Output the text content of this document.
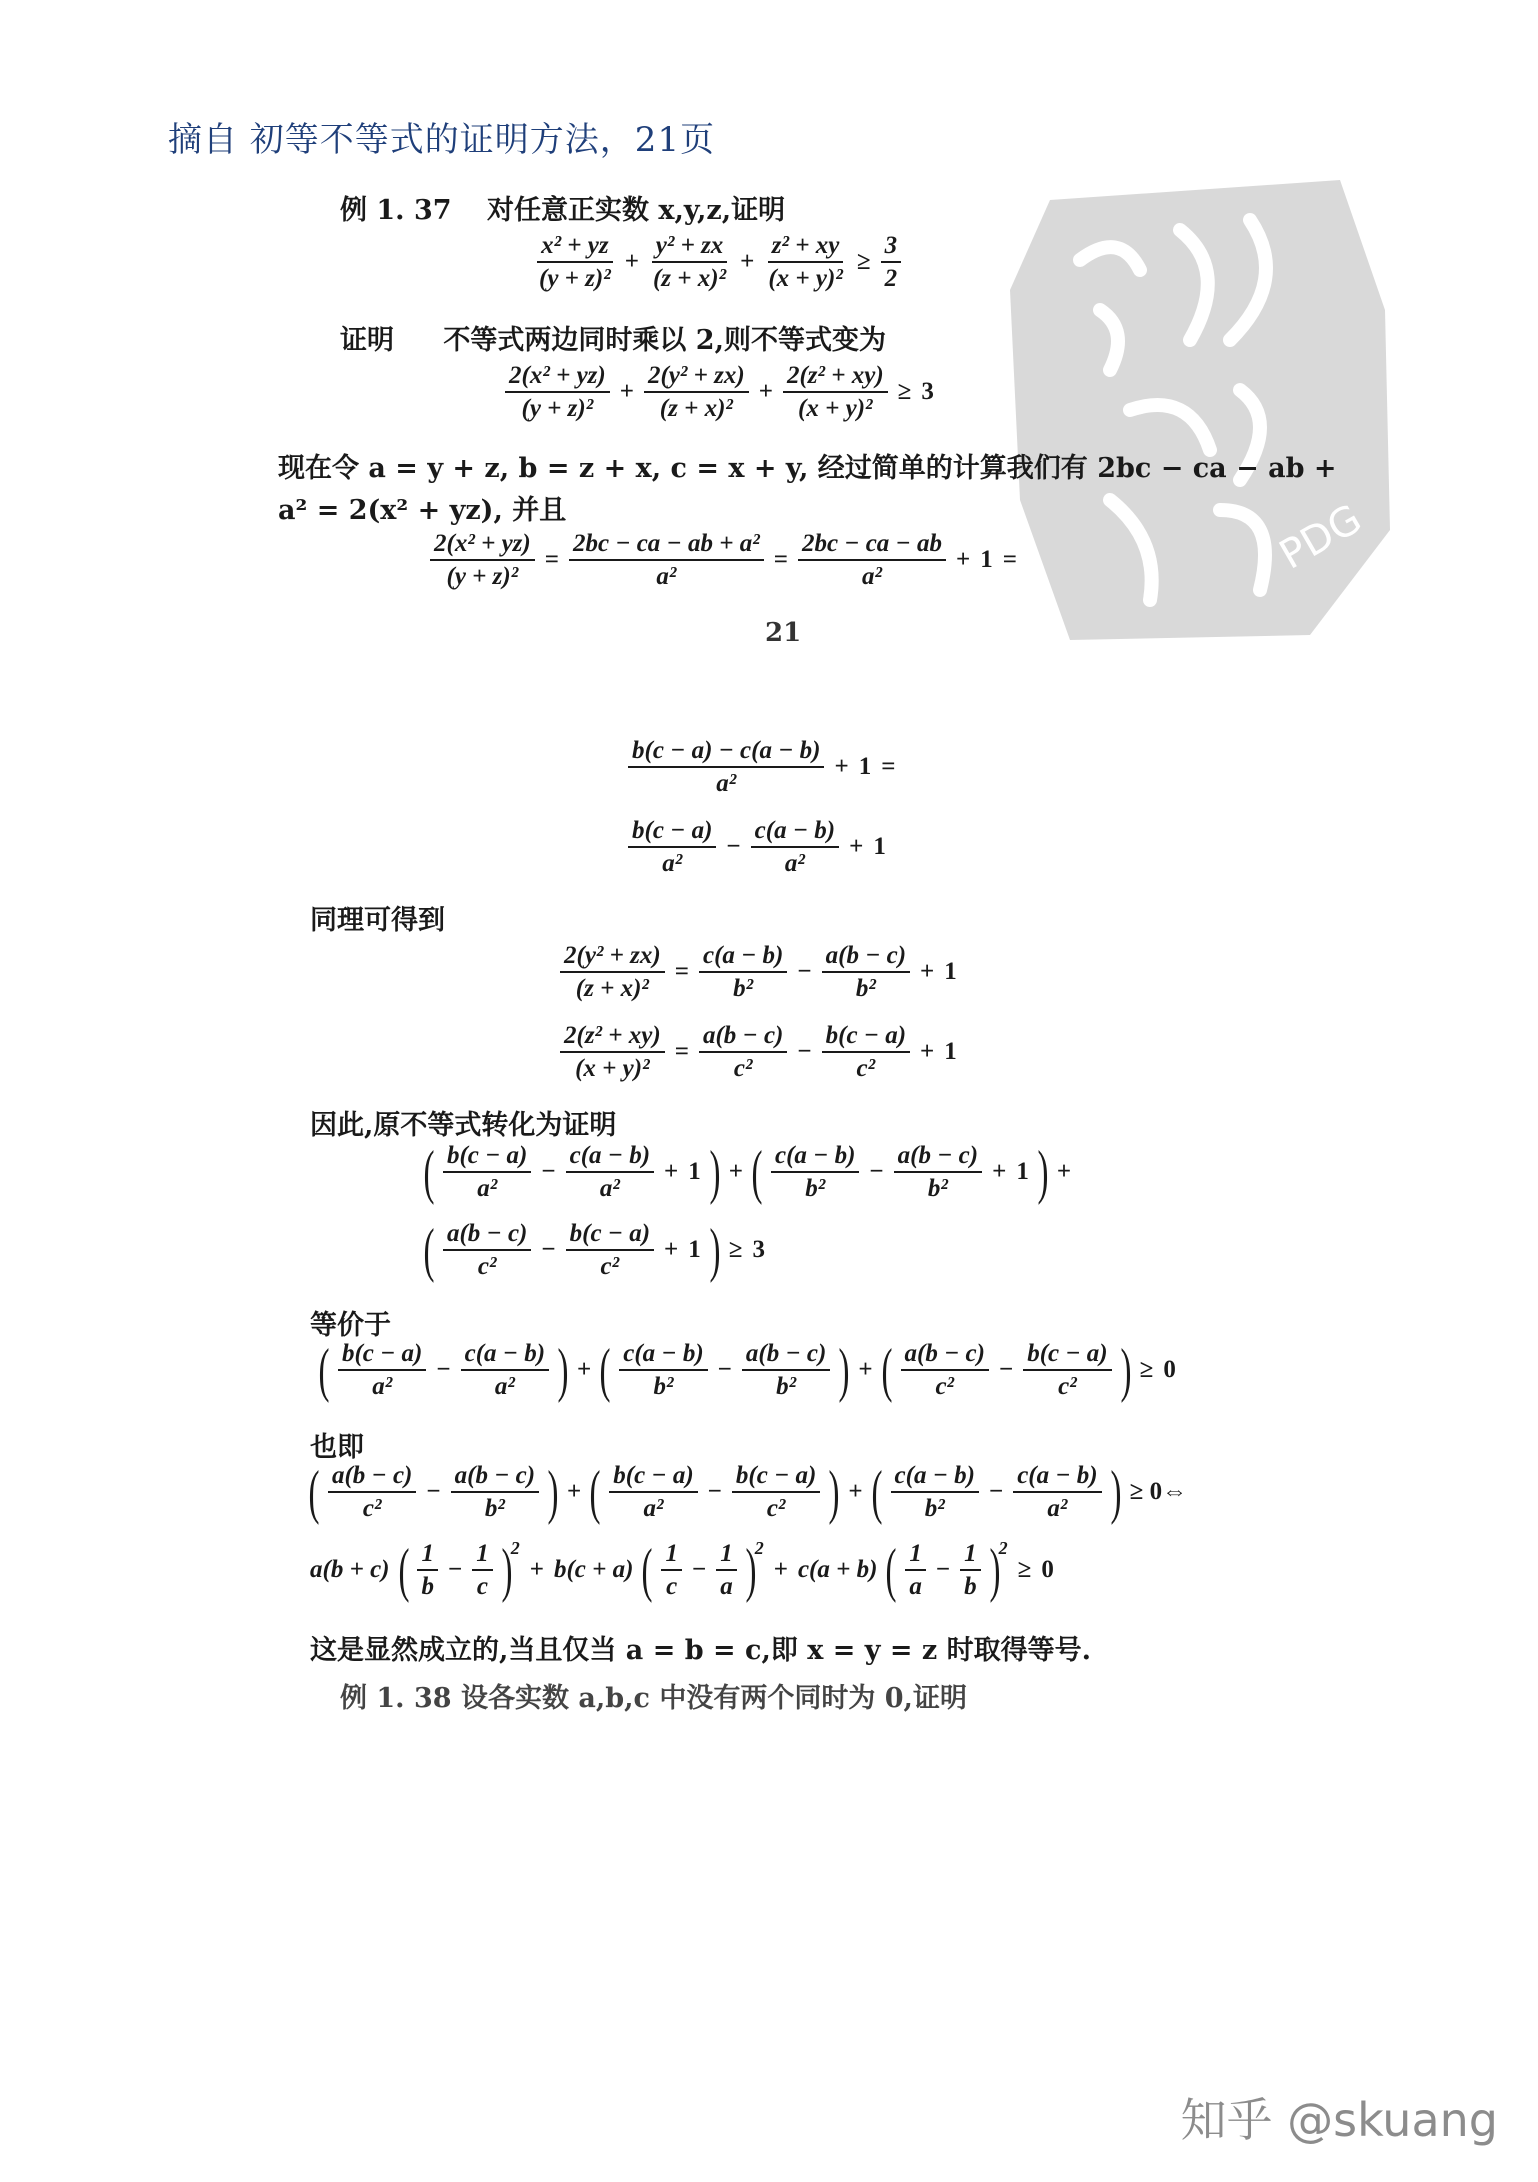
摘自 初等不等式的证明方法，21页
PDG
例 1. 37 对任意正实数 x,y,z,证明
x² + yz
(y + z)²
+ $\frac{\text{y² + zx}}{\text{(z + x)²}} + \frac{\text{z² + xy}}{\text{(x + y)²}} \ge \frac{3}{2}$
证明 不等式两边同时乘以 2,则不等式变为
2(x² + yz)
(y + z)²
+ $\frac{\text{2(y² + zx)}}{\text{(z + x)²}} + \frac{\text{2(z² + xy)}}{\text{(x + y)²}} \ge 3$
现在令 a = y + z, b = z + x, c = x + y, 经过简单的计算我们有 2bc − ca − ab +
a² = 2(x² + yz), 并且
$\frac{\text{2(x² + yz)}}{\text{(y + z)²}} = \frac{\text{2bc − ca − ab + a²}}{\text{a²}} = \frac{2bc - ca - ab}{\text{a²}} + 1$ =
21
b(c − a) − c(a − b)
a²
+ 1 =
b(c − a)
a²
− $\frac{c(a - b)}{\text{a²}} + 1$
同理可得到
$\frac{\text{2(y² + zx)}}{\text{(z + x)²}} = \frac{c(a - b)}{\text{b²}} - \frac{a(b - c)}{\text{b²}} + 1$
$\frac{\text{2(z² + xy)}}{\text{(x + y)²}} = \frac{a(b - c)}{\text{c²}} - \frac{b(c - a)}{\text{c²}} + 1$
因此,原不等式转化为证明
( b(c − a)
a²
− $\frac{c(a - b)}{\text{a²}} + 1$ ) + ( c(a − b)
b²
− $\frac{a(b - c)}{\text{b²}} + 1$ ) +
( a(b − c)
c²
− $\frac{b(c - a)}{\text{c²}} + 1$ ) ≥ 3
等价于
( b(c − a)
a²
− $\frac{c(a - b)}{\text{a²}}$ ) + ( c(a − b)
b²
− $\frac{a(b - c)}{\text{b²}}$ ) + ( a(b − c)
c²
− $\frac{b(c - a)}{\text{c²}}$ ) ≥ 0
也即
( a(b − c)
c²
− $\frac{a(b - c)}{\text{b²}}$ ) + ( b(c − a)
a²
− $\frac{b(c - a)}{\text{c²}}$ ) + ( c(a − b)
b²
− $\frac{c(a - b)}{\text{a²}}$ ) ≥ 0⇔
a(b + c) ( 1
b
− $\frac{1}{c}$ )
2
+ b(c + a) ( 1
c
− $\frac{1}{a}$ )
2
+ c(a + b) ( 1
a
− $\frac{1}{b}$ )
2
≥ 0
这是显然成立的,当且仅当 a = b = c,即 x = y = z 时取得等号.
例 1. 38 设各实数 a,b,c 中没有两个同时为 0,证明
知乎 @skuang
